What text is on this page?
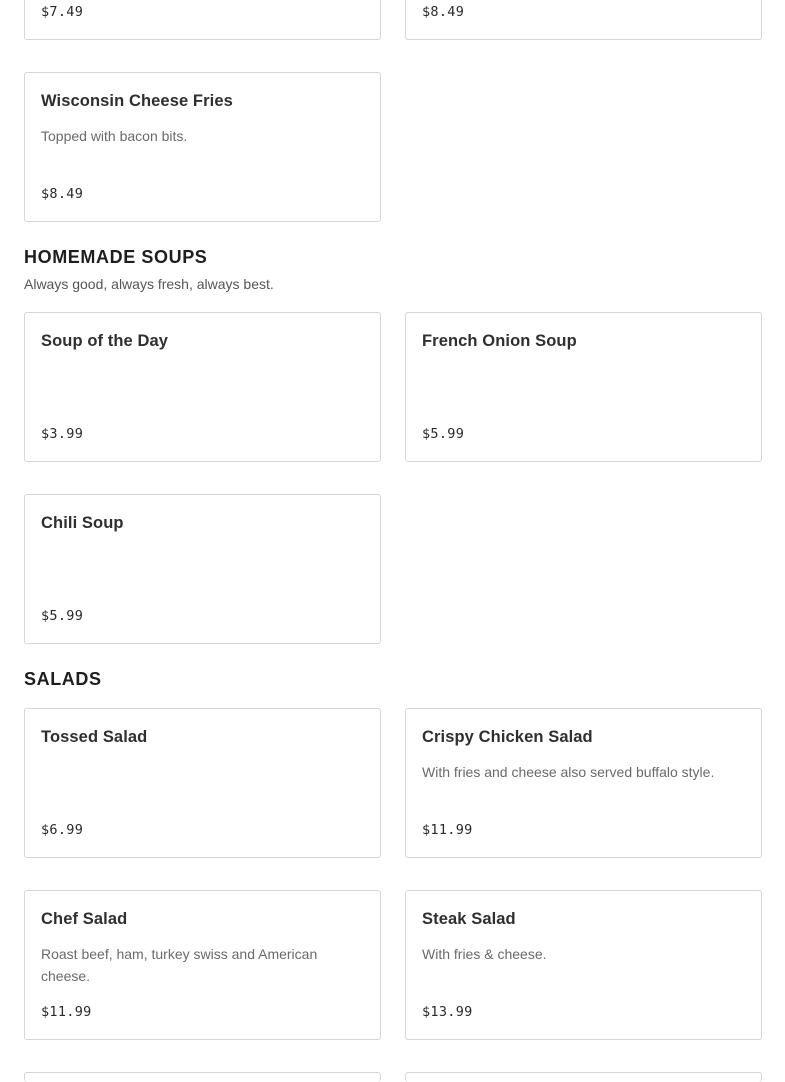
$7.49	$8.49
Wisconsin Cheese Fries
Topped with bacon bits.
$8.49
HOMEMADE SOUPS

Always good, always fresh, always best.

Soup of the Day
$3.99
French Onion Soup
$5.99
Chili Soup
$5.99
SALADS
Tossed Salad
$6.99
Crispy Chicken Salad
With fries and cheese also served buffalo style.
$11.99
Chef Salad
Roast beef, ham, turkey swiss and American cheese.
$11.99
Steak Salad
With fries & cheese.
$13.99
